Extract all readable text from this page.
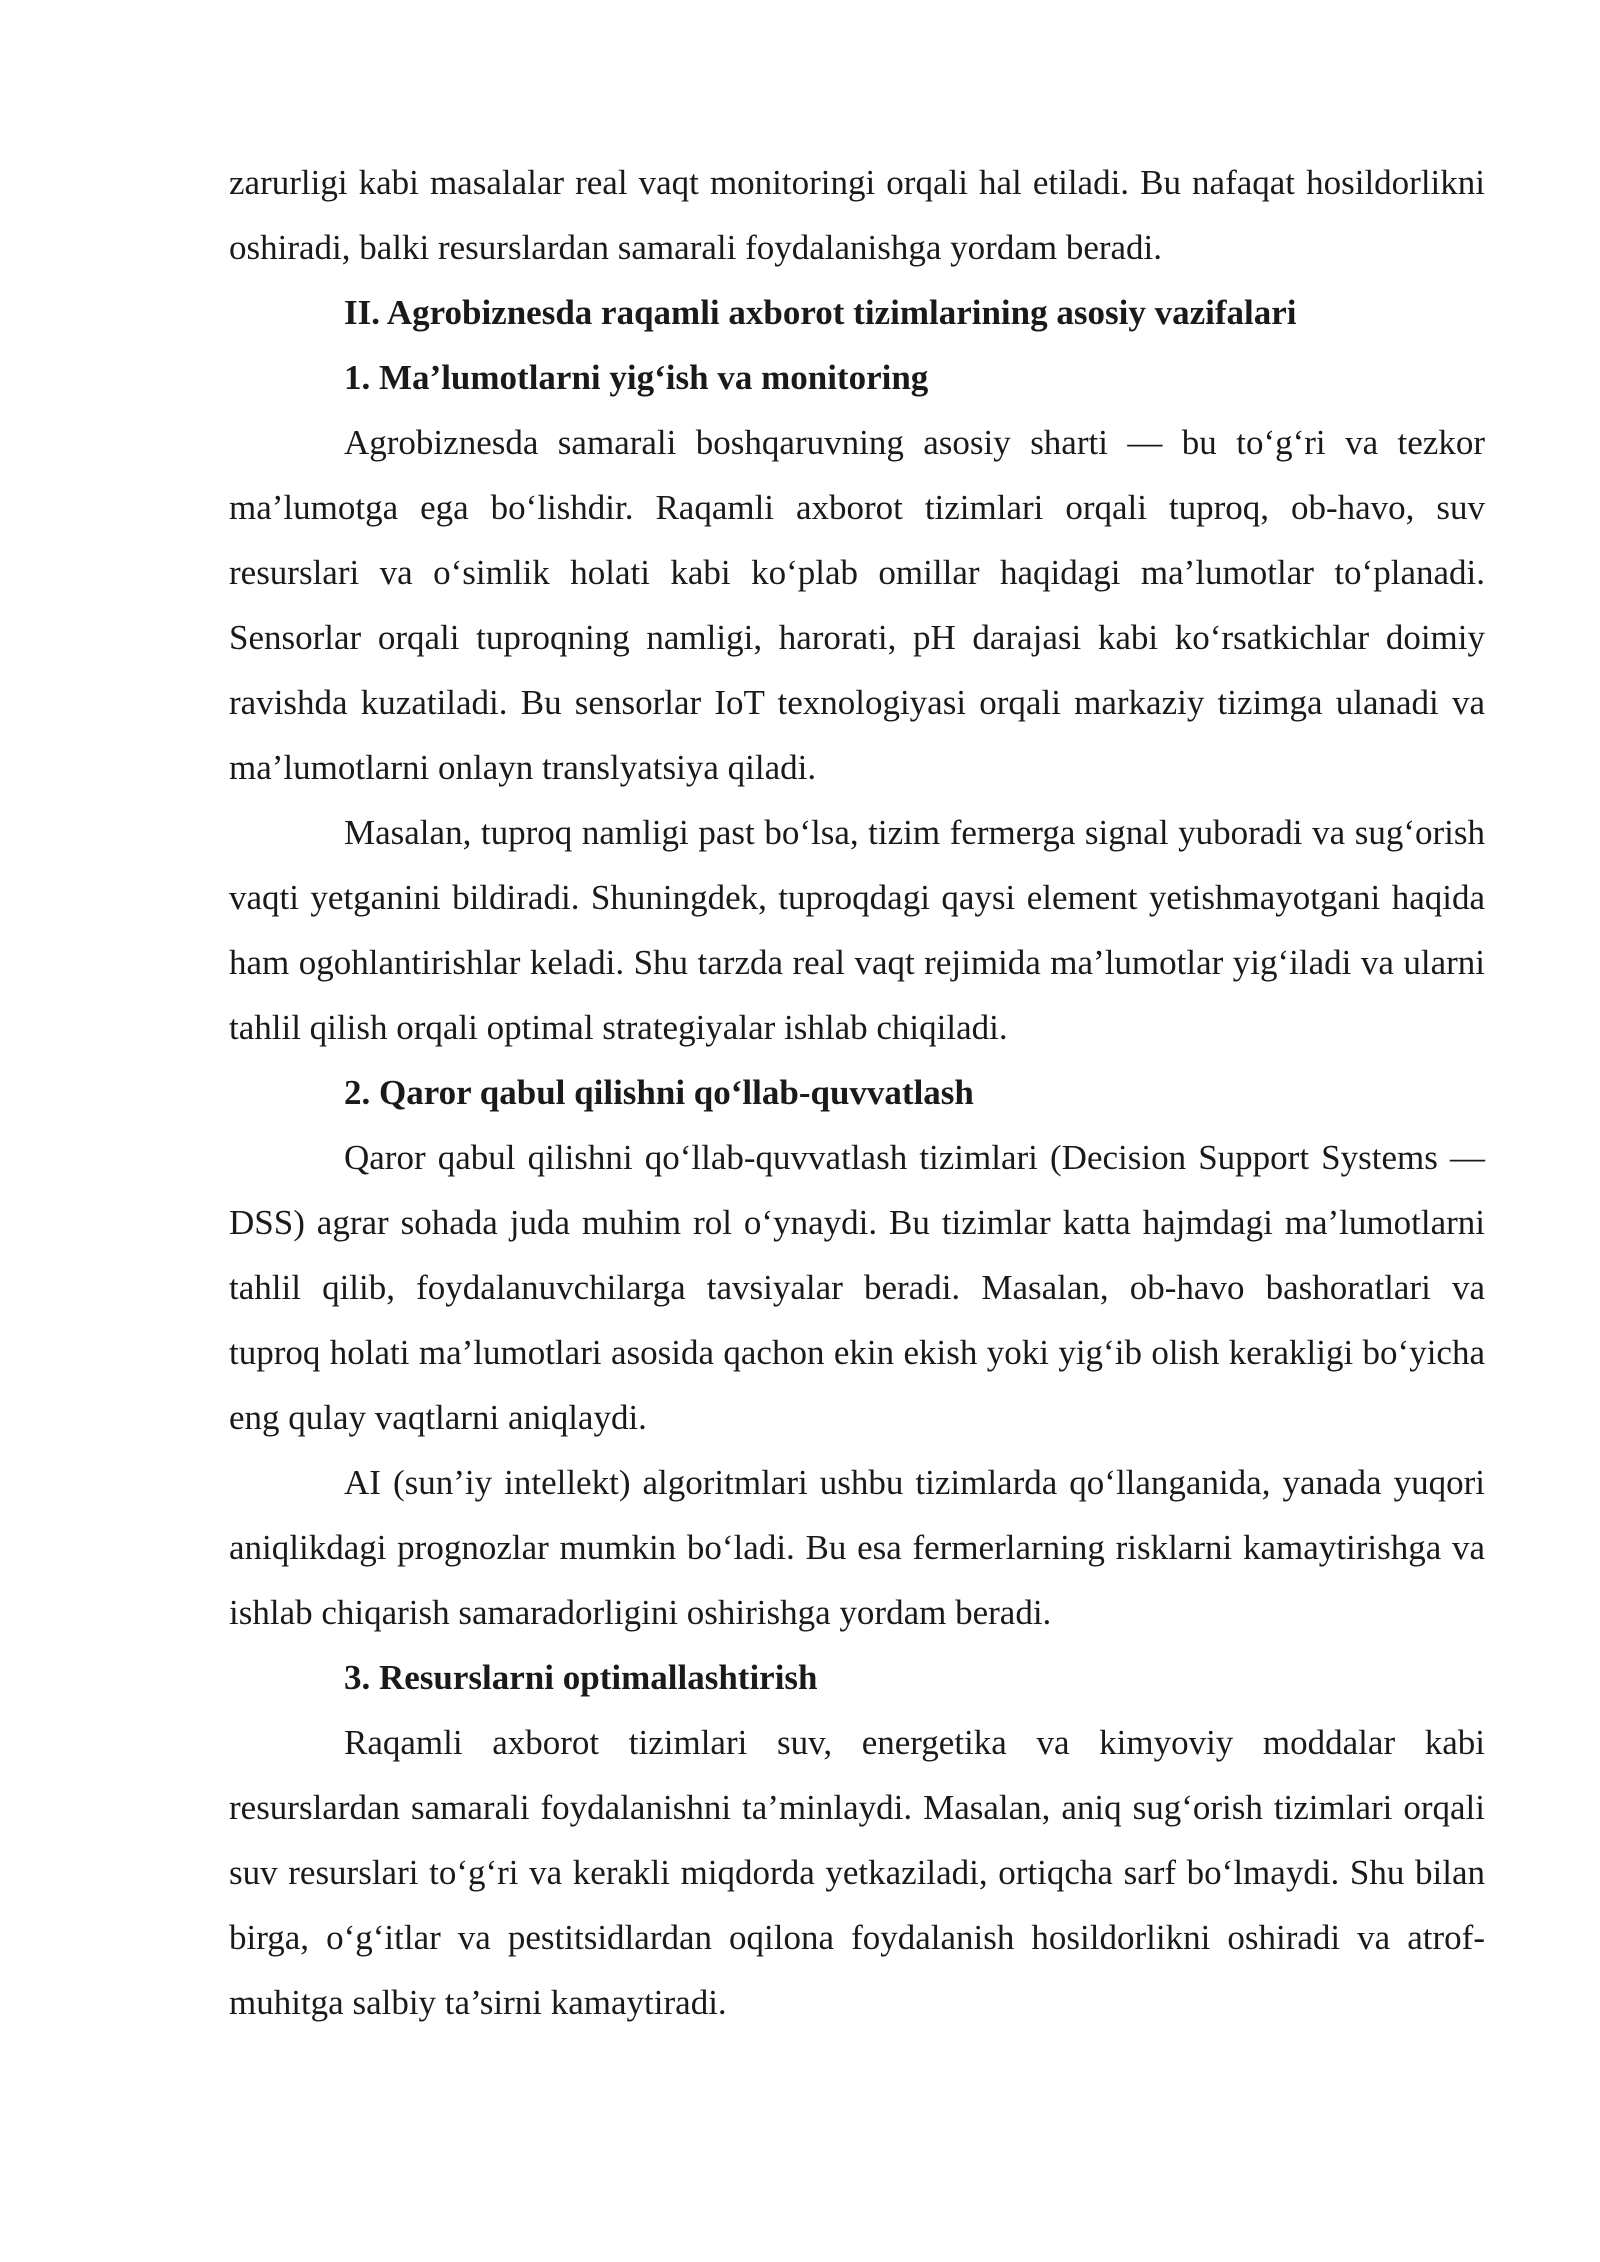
zarurligi kabi masalalar real vaqt monitoringi orqali hal etiladi. Bu nafaqat hosildorlikni oshiradi, balki resurslardan samarali foydalanishga yordam beradi.

II. Agrobiznesda raqamli axborot tizimlarining asosiy vazifalari

1. Ma’lumotlarni yig‘ish va monitoring

Agrobiznesda samarali boshqaruvning asosiy sharti — bu to‘g‘ri va tezkor ma’lumotga ega bo‘lishdir. Raqamli axborot tizimlari orqali tuproq, ob-havo, suv resurslari va o‘simlik holati kabi ko‘plab omillar haqidagi ma’lumotlar to‘planadi. Sensorlar orqali tuproqning namligi, harorati, pH darajasi kabi ko‘rsatkichlar doimiy ravishda kuzatiladi. Bu sensorlar IoT texnologiyasi orqali markaziy tizimga ulanadi va ma’lumotlarni onlayn translyatsiya qiladi.

Masalan, tuproq namligi past bo‘lsa, tizim fermerga signal yuboradi va sug‘orish vaqti yetganini bildiradi. Shuningdek, tuproqdagi qaysi element yetishmayotgani haqida ham ogohlantirishlar keladi. Shu tarzda real vaqt rejimida ma’lumotlar yig‘iladi va ularni tahlil qilish orqali optimal strategiyalar ishlab chiqiladi.

2. Qaror qabul qilishni qo‘llab-quvvatlash

Qaror qabul qilishni qo‘llab-quvvatlash tizimlari (Decision Support Systems — DSS) agrar sohada juda muhim rol o‘ynaydi. Bu tizimlar katta hajmdagi ma’lumotlarni tahlil qilib, foydalanuvchilarga tavsiyalar beradi. Masalan, ob-havo bashoratlari va tuproq holati ma’lumotlari asosida qachon ekin ekish yoki yig‘ib olish kerakligi bo‘yicha eng qulay vaqtlarni aniqlaydi.

AI (sun’iy intellekt) algoritmlari ushbu tizimlarda qo‘llanganida, yanada yuqori aniqlikdagi prognozlar mumkin bo‘ladi. Bu esa fermerlarning risklarni kamaytirishga va ishlab chiqarish samaradorligini oshirishga yordam beradi.

3. Resurslarni optimallashtirish

Raqamli axborot tizimlari suv, energetika va kimyoviy moddalar kabi resurslardan samarali foydalanishni ta’minlaydi. Masalan, aniq sug‘orish tizimlari orqali suv resurslari to‘g‘ri va kerakli miqdorda yetkaziladi, ortiqcha sarf bo‘lmaydi. Shu bilan birga, o‘g‘itlar va pestitsidlardan oqilona foydalanish hosildorlikni oshiradi va atrof-muhitga salbiy ta’sirni kamaytiradi.
